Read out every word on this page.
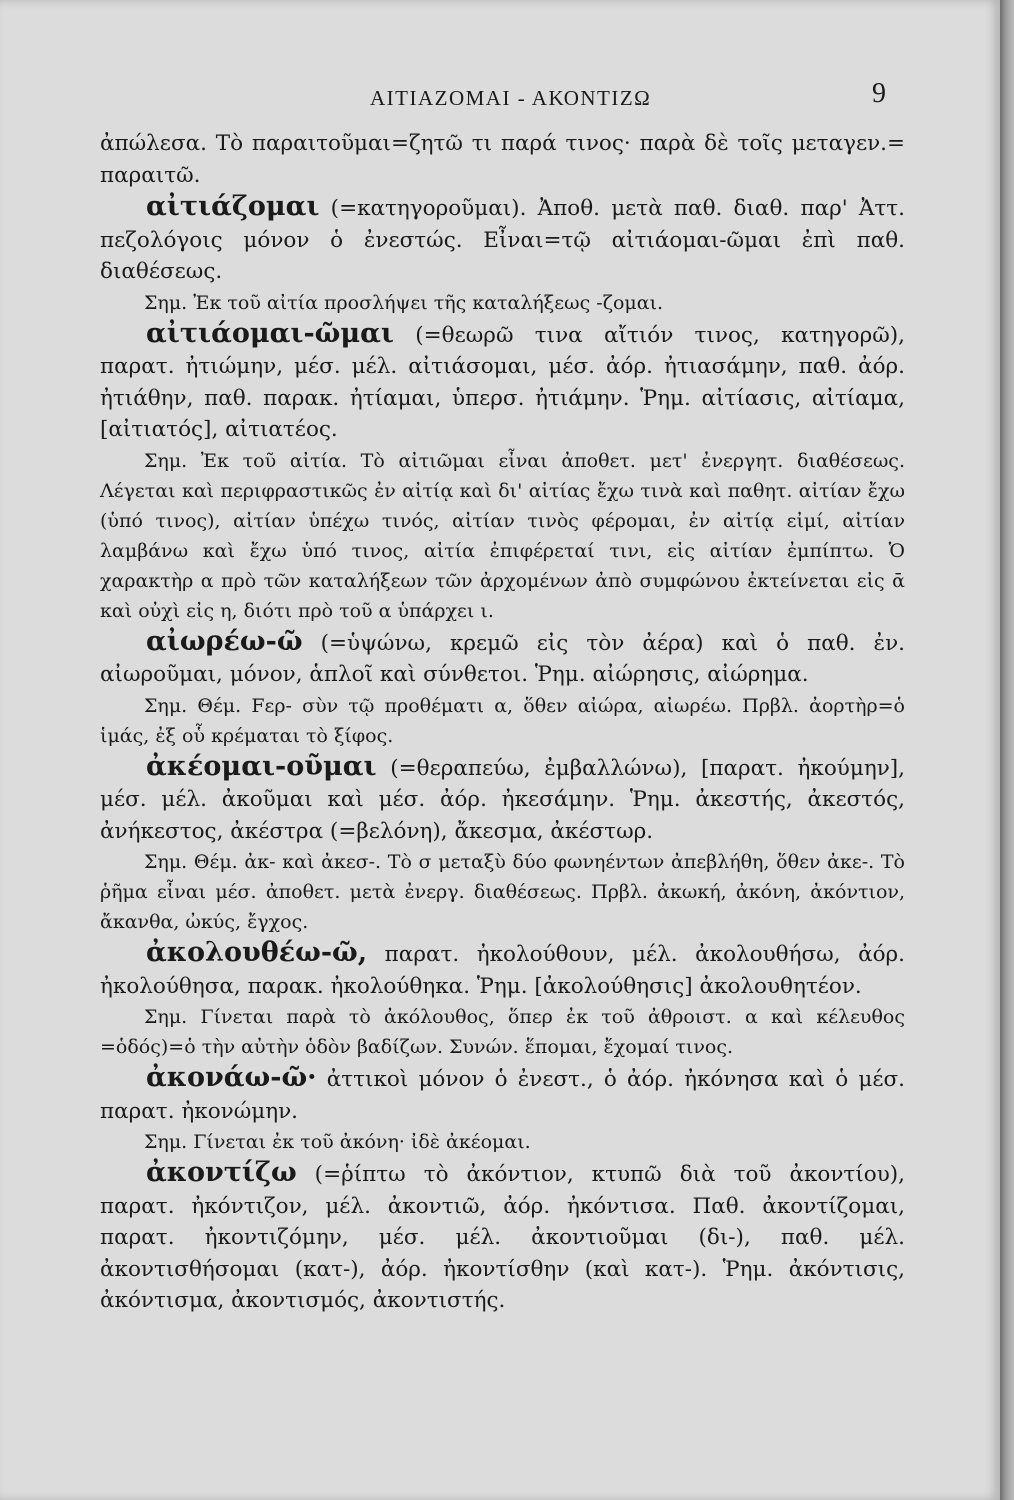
ΑΙΤΙΑΖΟΜΑΙ - ΑΚΟΝΤΙΖΩ	9
ἀπώλεσα. Τὸ παραιτοῦμαι=ζητῶ τι παρά τινος· παρὰ δὲ τοῖς μεταγεν.= παραιτῶ.
αἰτιάζομαι (=κατηγοροῦμαι). Ἀποθ. μετὰ παθ. διαθ. παρ' Ἀττ. πεζολόγοις μόνον ὁ ἐνεστώς. Εἶναι=τῷ αἰτιάομαι-ῶμαι ἐπὶ παθ. διαθέσεως.
Σημ. Ἐκ τοῦ αἰτία προσλήψει τῆς καταλήξεως -ζομαι.
αἰτιάομαι-ῶμαι (=θεωρῶ τινα αἴτιόν τινος, κατηγορῶ), παρατ. ἠτιώμην, μέσ. μέλ. αἰτιάσομαι, μέσ. ἀόρ. ἠτιασάμην, παθ. ἀόρ. ἠτιάθην, παθ. παρακ. ἠτίαμαι, ὑπερσ. ἠτιάμην. Ῥημ. αἰτίασις, αἰτίαμα, [αἰτιατός], αἰτιατέος.
Σημ. Ἐκ τοῦ αἰτία. Τὸ αἰτιῶμαι εἶναι ἀποθετ. μετ' ἐνεργητ. διαθέσεως. Λέγεται καὶ περιφραστικῶς ἐν αἰτίᾳ καὶ δι' αἰτίας ἔχω τινὰ καὶ παθητ. αἰτίαν ἔχω (ὑπό τινος), αἰτίαν ὑπέχω τινός, αἰτίαν τινὸς φέρομαι, ἐν αἰτίᾳ εἰμί, αἰτίαν λαμβάνω καὶ ἔχω ὑπό τινος, αἰτία ἐπιφέρεταί τινι, εἰς αἰτίαν ἐμπίπτω. Ὁ χαρακτὴρ α πρὸ τῶν καταλήξεων τῶν ἀρχομένων ἀπὸ συμφώνου ἐκτείνεται εἰς ᾱ καὶ οὐχὶ εἰς η, διότι πρὸ τοῦ α ὑπάρχει ι.
αἰωρέω-ῶ (=ὑψώνω, κρεμῶ εἰς τὸν ἀέρα) καὶ ὁ παθ. ἐν. αἰωροῦμαι, μόνον, ἁπλοῖ καὶ σύνθετοι. Ῥημ. αἰώρησις, αἰώρημα.
Σημ. Θέμ. Fερ- σὺν τῷ προθέματι α, ὅθεν αἰώρα, αἰωρέω. Πρβλ. ἀορτὴρ=ὁ ἱμάς, ἐξ οὗ κρέμαται τὸ ξίφος.
ἀκέομαι-οῦμαι (=θεραπεύω, ἐμβαλλώνω), [παρατ. ἠκούμην], μέσ. μέλ. ἀκοῦμαι καὶ μέσ. ἀόρ. ἠκεσάμην. Ῥημ. ἀκεστής, ἀκεστός, ἀνήκεστος, ἀκέστρα (=βελόνη), ἄκεσμα, ἀκέστωρ.
Σημ. Θέμ. ἀκ- καὶ ἀκεσ-. Τὸ σ μεταξὺ δύο φωνηέντων ἀπεβλήθη, ὅθεν ἀκε-. Τὸ ῥῆμα εἶναι μέσ. ἀποθετ. μετὰ ἐνεργ. διαθέσεως. Πρβλ. ἀκωκή, ἀκόνη, ἀκόντιον, ἄκανθα, ὠκύς, ἔγχος.
ἀκολουθέω-ῶ, παρατ. ἠκολούθουν, μέλ. ἀκολουθήσω, ἀόρ. ἠκολούθησα, παρακ. ἠκολούθηκα. Ῥημ. [ἀκολούθησις] ἀκολουθητέον.
Σημ. Γίνεται παρὰ τὸ ἀκόλουθος, ὅπερ ἐκ τοῦ ἀθροιστ. α καὶ κέλευθος =ὁδός)=ὁ τὴν αὐτὴν ὁδὸν βαδίζων. Συνών. ἕπομαι, ἔχομαί τινος.
ἀκονάω-ῶ· ἀττικοὶ μόνον ὁ ἐνεστ., ὁ ἀόρ. ἠκόνησα καὶ ὁ μέσ. παρατ. ἠκονώμην.
Σημ. Γίνεται ἐκ τοῦ ἀκόνη· ἰδὲ ἀκέομαι.
ἀκοντίζω (=ῥίπτω τὸ ἀκόντιον, κτυπῶ διὰ τοῦ ἀκοντίου), παρατ. ἠκόντιζον, μέλ. ἀκοντιῶ, ἀόρ. ἠκόντισα. Παθ. ἀκοντίζομαι, παρατ. ἠκοντιζόμην, μέσ. μέλ. ἀκοντιοῦμαι (δι-), παθ. μέλ. ἀκοντισθήσομαι (κατ-), ἀόρ. ἠκοντίσθην (καὶ κατ-). Ῥημ. ἀκόντισις, ἀκόντισμα, ἀκοντισμός, ἀκοντιστής.
